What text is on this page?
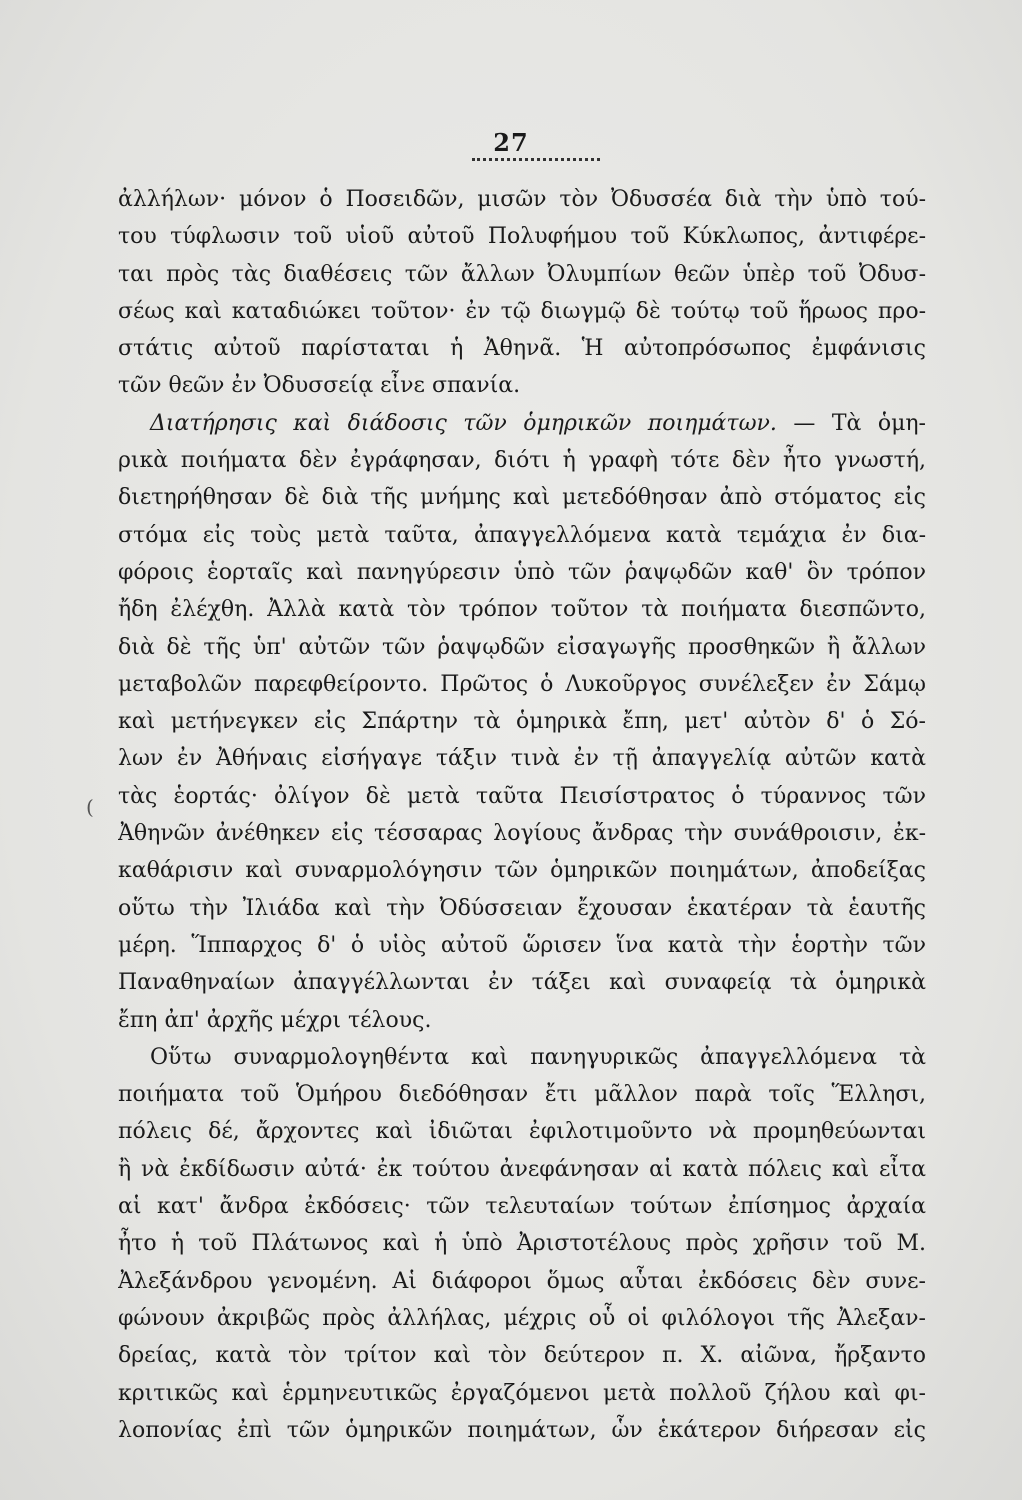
27
(
ἀλλήλων· μόνον ὁ Ποσειδῶν, μισῶν τὸν Ὀδυσσέα διὰ τὴν ὑπὸ τού-
του τύφλωσιν τοῦ υἱοῦ αὐτοῦ Πολυφήμου τοῦ Κύκλωπος, ἀντιφέρε-
ται πρὸς τὰς διαθέσεις τῶν ἄλλων Ὀλυμπίων θεῶν ὑπὲρ τοῦ Ὀδυσ-
σέως καὶ καταδιώκει τοῦτον· ἐν τῷ διωγμῷ δὲ τούτῳ τοῦ ἥρωος προ-
στάτις αὐτοῦ παρίσταται ἡ Ἀθηνᾶ. Ἡ αὐτοπρόσωπος ἐμφάνισις
τῶν θεῶν ἐν Ὀδυσσείᾳ εἶνε σπανία.
Διατήρησις καὶ διάδοσις τῶν ὁμηρικῶν ποιημάτων. — Τὰ ὁμη-
ρικὰ ποιήματα δὲν ἐγράφησαν, διότι ἡ γραφὴ τότε δὲν ἦτο γνωστή,
διετηρήθησαν δὲ διὰ τῆς μνήμης καὶ μετεδόθησαν ἀπὸ στόματος εἰς
στόμα εἰς τοὺς μετὰ ταῦτα, ἀπαγγελλόμενα κατὰ τεμάχια ἐν δια-
φόροις ἑορταῖς καὶ πανηγύρεσιν ὑπὸ τῶν ῥαψῳδῶν καθ' ὃν τρόπον
ἤδη ἐλέχθη. Ἀλλὰ κατὰ τὸν τρόπον τοῦτον τὰ ποιήματα διεσπῶντο,
διὰ δὲ τῆς ὑπ' αὐτῶν τῶν ῥαψῳδῶν εἰσαγωγῆς προσθηκῶν ἢ ἄλλων
μεταβολῶν παρεφθείροντο. Πρῶτος ὁ Λυκοῦργος συνέλεξεν ἐν Σάμῳ
καὶ μετήνεγκεν εἰς Σπάρτην τὰ ὁμηρικὰ ἔπη, μετ' αὐτὸν δ' ὁ Σό-
λων ἐν Ἀθήναις εἰσήγαγε τάξιν τινὰ ἐν τῇ ἀπαγγελίᾳ αὐτῶν κατὰ
τὰς ἑορτάς· ὀλίγον δὲ μετὰ ταῦτα Πεισίστρατος ὁ τύραννος τῶν
Ἀθηνῶν ἀνέθηκεν εἰς τέσσαρας λογίους ἄνδρας τὴν συνάθροισιν, ἐκ-
καθάρισιν καὶ συναρμολόγησιν τῶν ὁμηρικῶν ποιημάτων, ἀποδείξας
οὕτω τὴν Ἰλιάδα καὶ τὴν Ὀδύσσειαν ἔχουσαν ἑκατέραν τὰ ἑαυτῆς
μέρη. Ἵππαρχος δ' ὁ υἱὸς αὐτοῦ ὥρισεν ἵνα κατὰ τὴν ἑορτὴν τῶν
Παναθηναίων ἀπαγγέλλωνται ἐν τάξει καὶ συναφείᾳ τὰ ὁμηρικὰ
ἔπη ἀπ' ἀρχῆς μέχρι τέλους.
Οὕτω συναρμολογηθέντα καὶ πανηγυρικῶς ἀπαγγελλόμενα τὰ
ποιήματα τοῦ Ὁμήρου διεδόθησαν ἔτι μᾶλλον παρὰ τοῖς Ἕλλησι,
πόλεις δέ, ἄρχοντες καὶ ἰδιῶται ἐφιλοτιμοῦντο νὰ προμηθεύωνται
ἢ νὰ ἐκδίδωσιν αὐτά· ἐκ τούτου ἀνεφάνησαν αἱ κατὰ πόλεις καὶ εἶτα
αἱ κατ' ἄνδρα ἐκδόσεις· τῶν τελευταίων τούτων ἐπίσημος ἀρχαία
ἦτο ἡ τοῦ Πλάτωνος καὶ ἡ ὑπὸ Ἀριστοτέλους πρὸς χρῆσιν τοῦ Μ.
Ἀλεξάνδρου γενομένη. Αἱ διάφοροι ὅμως αὗται ἐκδόσεις δὲν συνε-
φώνουν ἀκριβῶς πρὸς ἀλλήλας, μέχρις οὗ οἱ φιλόλογοι τῆς Ἀλεξαν-
δρείας, κατὰ τὸν τρίτον καὶ τὸν δεύτερον π. Χ. αἰῶνα, ἤρξαντο
κριτικῶς καὶ ἑρμηνευτικῶς ἐργαζόμενοι μετὰ πολλοῦ ζήλου καὶ φι-
λοπονίας ἐπὶ τῶν ὁμηρικῶν ποιημάτων, ὧν ἑκάτερον διήρεσαν εἰς
